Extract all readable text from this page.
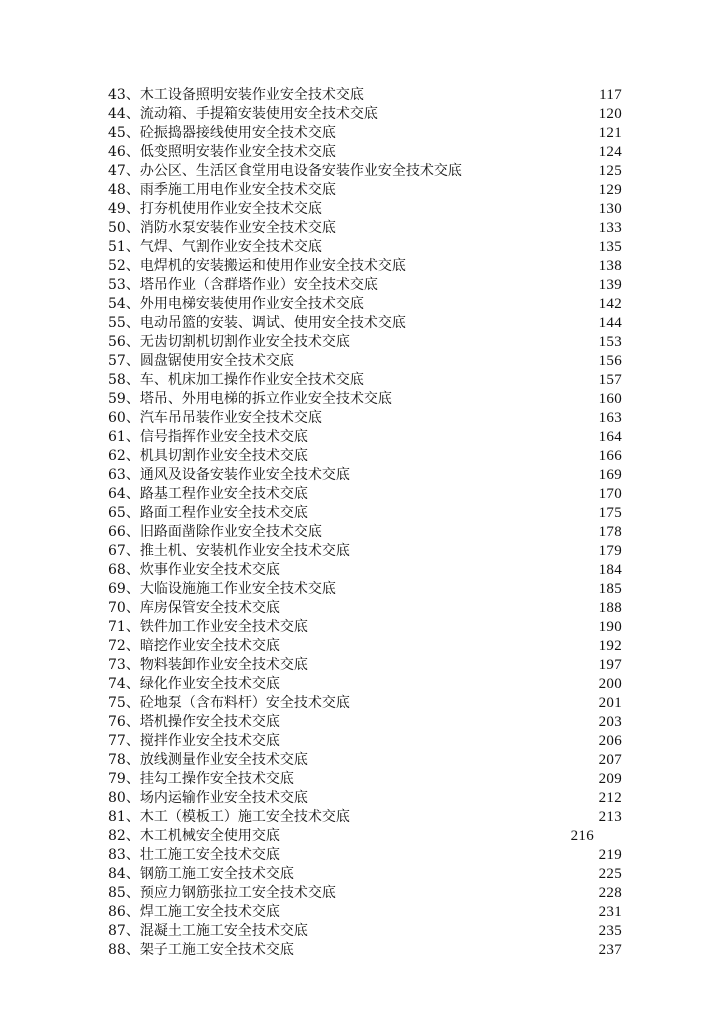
43、木工设备照明安装作业安全技术交底	117
44、流动箱、手提箱安装使用安全技术交底	120
45、砼振捣器接线使用安全技术交底	121
46、低变照明安装作业安全技术交底	124
47、办公区、生活区食堂用电设备安装作业安全技术交底	125
48、雨季施工用电作业安全技术交底	129
49、打夯机使用作业安全技术交底	130
50、消防水泵安装作业安全技术交底	133
51、气焊、气割作业安全技术交底	135
52、电焊机的安装搬运和使用作业安全技术交底	138
53、塔吊作业（含群塔作业）安全技术交底	139
54、外用电梯安装使用作业安全技术交底	142
55、电动吊篮的安装、调试、使用安全技术交底	144
56、无齿切割机切割作业安全技术交底	153
57、圆盘锯使用安全技术交底	156
58、车、机床加工操作作业安全技术交底	157
59、塔吊、外用电梯的拆立作业安全技术交底	160
60、汽车吊吊装作业安全技术交底	163
61、信号指挥作业安全技术交底	164
62、机具切割作业安全技术交底	166
63、通风及设备安装作业安全技术交底	169
64、路基工程作业安全技术交底	170
65、路面工程作业安全技术交底	175
66、旧路面凿除作业安全技术交底	178
67、推土机、安装机作业安全技术交底	179
68、炊事作业安全技术交底	184
69、大临设施施工作业安全技术交底	185
70、库房保管安全技术交底	188
71、铁件加工作业安全技术交底	190
72、暗挖作业安全技术交底	192
73、物料装卸作业安全技术交底	197
74、绿化作业安全技术交底	200
75、砼地泵（含布料杆）安全技术交底	201
76、塔机操作安全技术交底	203
77、搅拌作业安全技术交底	206
78、放线测量作业安全技术交底	207
79、挂勾工操作安全技术交底	209
80、场内运输作业安全技术交底	212
81、木工（模板工）施工安全技术交底	213
82、木工机械安全使用交底	216
83、壮工施工安全技术交底	219
84、钢筋工施工安全技术交底	225
85、预应力钢筋张拉工安全技术交底	228
86、焊工施工安全技术交底	231
87、混凝土工施工安全技术交底	235
88、架子工施工安全技术交底	237
